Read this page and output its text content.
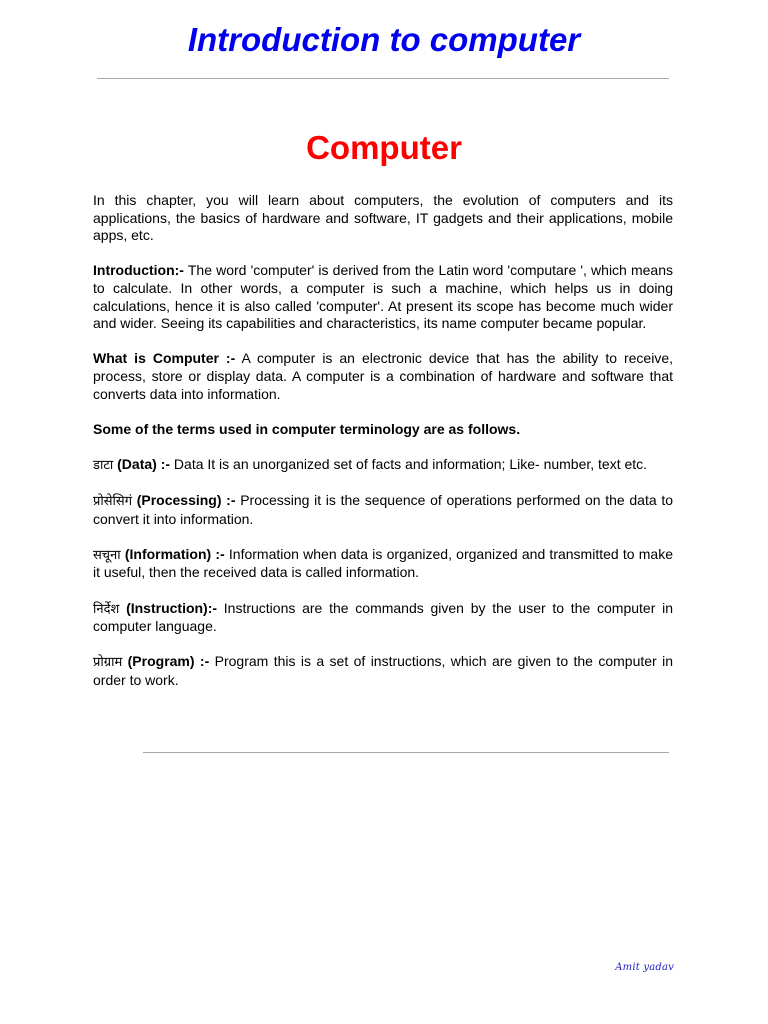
Introduction to computer
Computer

In this chapter, you will learn about computers, the evolution of computers and its applications, the basics of hardware and software, IT gadgets and their applications, mobile apps, etc.

Introduction:- The word 'computer' is derived from the Latin word 'computare ', which means to calculate. In other words, a computer is such a machine, which helps us in doing calculations, hence it is also called 'computer'. At present its scope has become much wider and wider. Seeing its capabilities and characteristics, its name computer became popular.

What is Computer :- A computer is an electronic device that has the ability to receive, process, store or display data. A computer is a combination of hardware and software that converts data into information.

Some of the terms used in computer terminology are as follows.

डाटा (Data) :- Data It is an unorganized set of facts and information; Like- number, text etc.

प्रोसेसिगं (Processing) :- Processing it is the sequence of operations performed on the data to convert it into information.

सचूना (Information) :- Information when data is organized, organized and transmitted to make it useful, then the received data is called information.

निर्देश (Instruction):- Instructions are the commands given by the user to the computer in computer language.

प्रोग्राम (Program) :- Program this is a set of instructions, which are given to the computer in order to work.

Amit yadav
